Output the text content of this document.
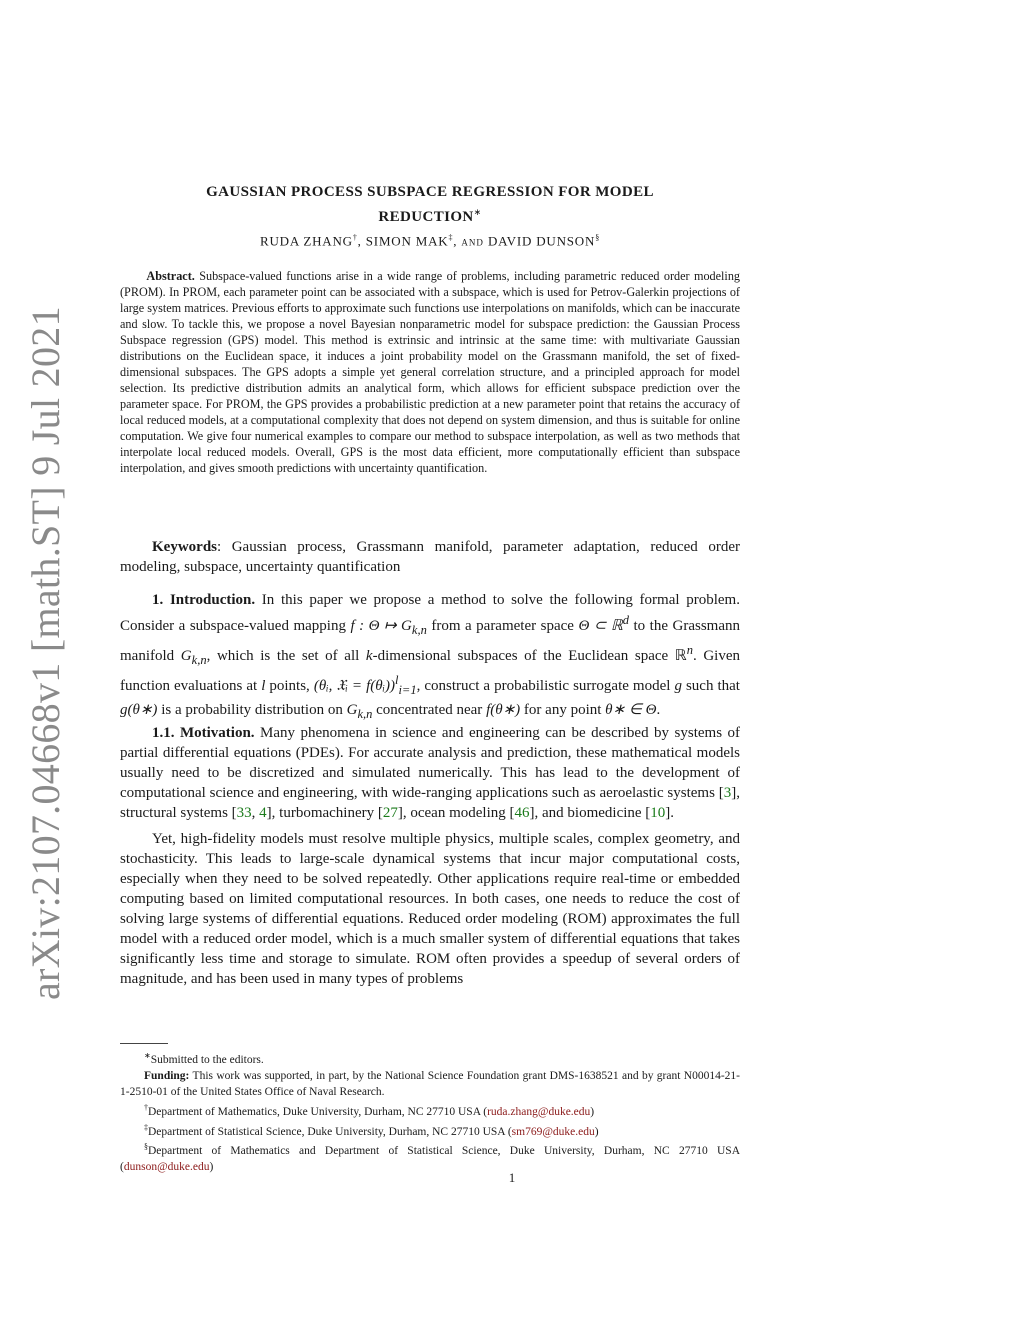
arXiv:2107.04668v1 [math.ST] 9 Jul 2021
GAUSSIAN PROCESS SUBSPACE REGRESSION FOR MODEL
REDUCTION∗
RUDA ZHANG†, SIMON MAK‡, and DAVID DUNSON§
Abstract. Subspace-valued functions arise in a wide range of problems, including parametric reduced order modeling (PROM). In PROM, each parameter point can be associated with a subspace, which is used for Petrov-Galerkin projections of large system matrices. Previous efforts to approximate such functions use interpolations on manifolds, which can be inaccurate and slow. To tackle this, we propose a novel Bayesian nonparametric model for subspace prediction: the Gaussian Process Subspace regression (GPS) model. This method is extrinsic and intrinsic at the same time: with multivariate Gaussian distributions on the Euclidean space, it induces a joint probability model on the Grassmann manifold, the set of fixed-dimensional subspaces. The GPS adopts a simple yet general correlation structure, and a principled approach for model selection. Its predictive distribution admits an analytical form, which allows for efficient subspace prediction over the parameter space. For PROM, the GPS provides a probabilistic prediction at a new parameter point that retains the accuracy of local reduced models, at a computational complexity that does not depend on system dimension, and thus is suitable for online computation. We give four numerical examples to compare our method to subspace interpolation, as well as two methods that interpolate local reduced models. Overall, GPS is the most data efficient, more computationally efficient than subspace interpolation, and gives smooth predictions with uncertainty quantification.
Keywords: Gaussian process, Grassmann manifold, parameter adaptation, reduced order modeling, subspace, uncertainty quantification

1. Introduction. In this paper we propose a method to solve the following formal problem. Consider a subspace-valued mapping f : Θ ↦ $G_{k,n}$ from a parameter space Θ ⊂ ℝ$^d$ to the Grassmann manifold $G_{k,n}$, which is the set of all k-dimensional subspaces of the Euclidean space ℝ$^n$. Given function evaluations at l points, (θᵢ, 𝔛ᵢ = f(θᵢ))$^l_{i=1}$, construct a probabilistic surrogate model g such that g(θ∗) is a probability distribution on $G_{k,n}$ concentrated near f(θ∗) for any point θ∗ ∈ Θ.

1.1. Motivation. Many phenomena in science and engineering can be described by systems of partial differential equations (PDEs). For accurate analysis and prediction, these mathematical models usually need to be discretized and simulated numerically. This has lead to the development of computational science and engineering, with wide-ranging applications such as aeroelastic systems [3], structural systems [33, 4], turbomachinery [27], ocean modeling [46], and biomedicine [10].

Yet, high-fidelity models must resolve multiple physics, multiple scales, complex geometry, and stochasticity. This leads to large-scale dynamical systems that incur major computational costs, especially when they need to be solved repeatedly. Other applications require real-time or embedded computing based on limited computational resources. In both cases, one needs to reduce the cost of solving large systems of differential equations. Reduced order modeling (ROM) approximates the full model with a reduced order model, which is a much smaller system of differential equations that takes significantly less time and storage to simulate. ROM often provides a speedup of several orders of magnitude, and has been used in many types of problems

∗Submitted to the editors.

Funding: This work was supported, in part, by the National Science Foundation grant DMS-1638521 and by grant N00014-21-1-2510-01 of the United States Office of Naval Research.

†Department of Mathematics, Duke University, Durham, NC 27710 USA (ruda.zhang@duke.edu)

‡Department of Statistical Science, Duke University, Durham, NC 27710 USA (sm769@duke.edu)

§Department of Mathematics and Department of Statistical Science, Duke University, Durham, NC 27710 USA (dunson@duke.edu)

1
